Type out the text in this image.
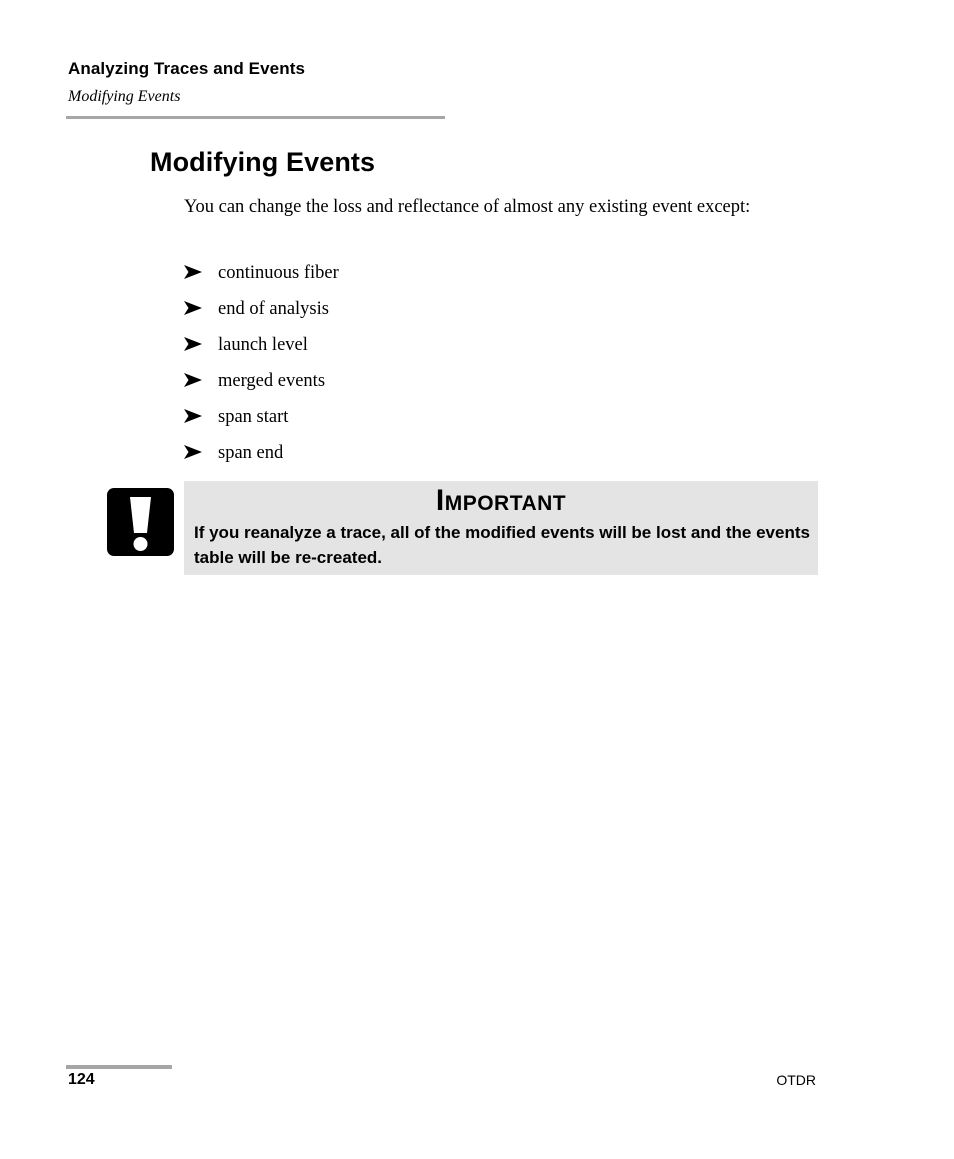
Analyzing Traces and Events
Modifying Events
Modifying Events

You can change the loss and reflectance of almost any existing event except:

continuous fiber
end of analysis
launch level
merged events
span start
span end
Important

If you reanalyze a trace, all of the modified events will be lost and the events table will be re-created.

124	OTDR
